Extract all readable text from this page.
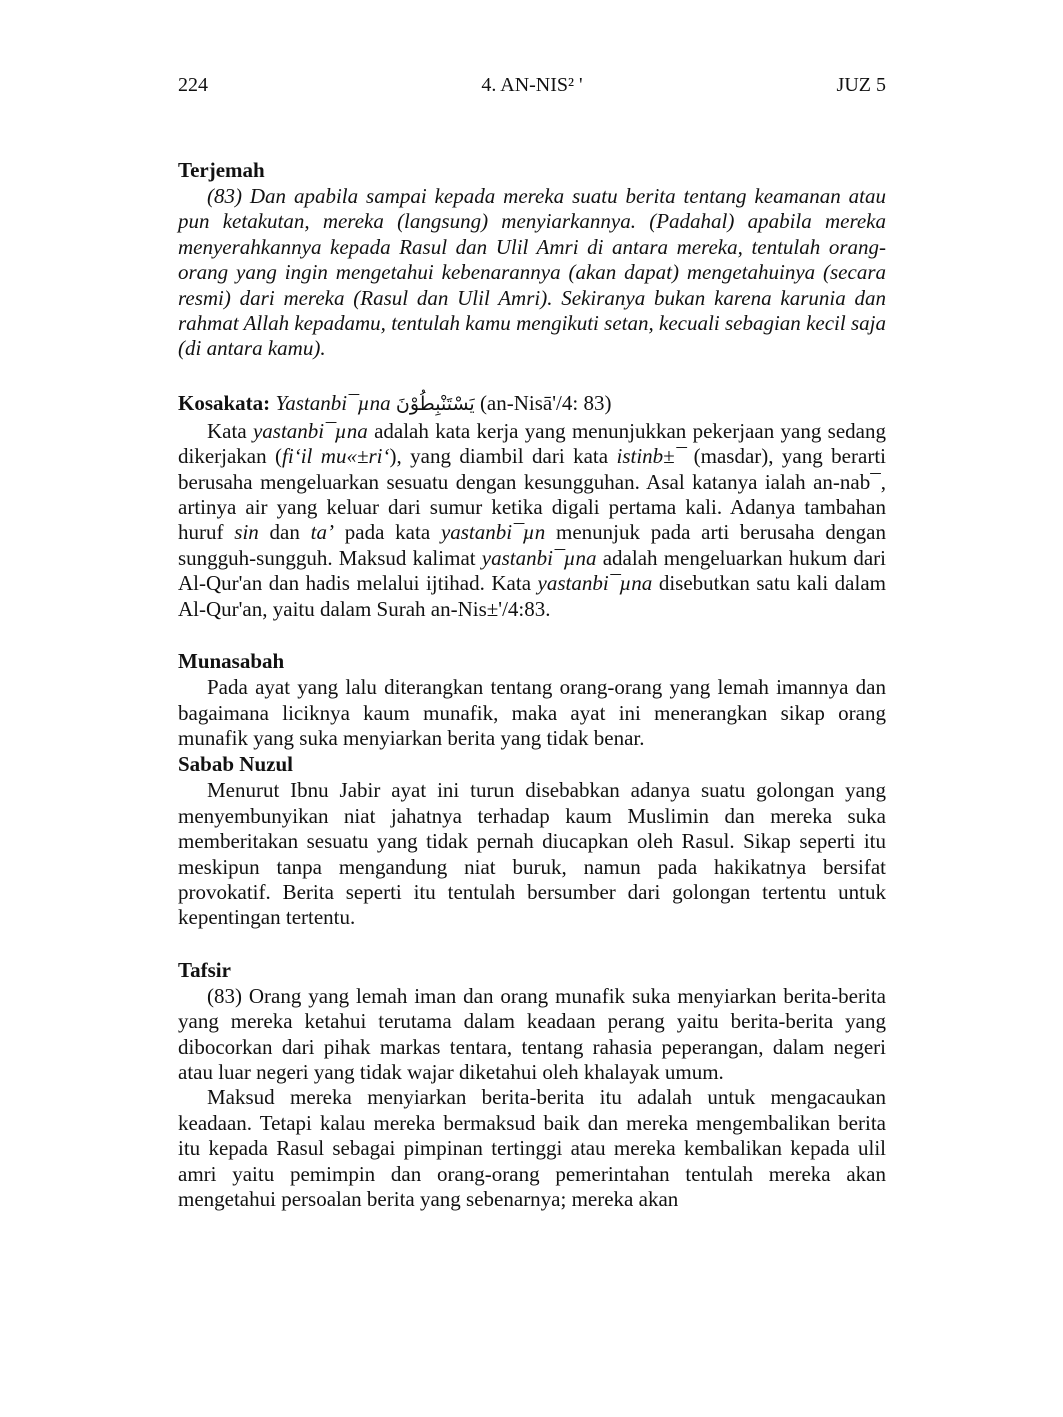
224	4. AN-NIS² '	JUZ 5
Terjemah

(83) Dan apabila sampai kepada mereka suatu berita tentang keamanan atau pun ketakutan, mereka (langsung) menyiarkannya. (Padahal) apabila mereka menyerahkannya kepada Rasul dan Ulil Amri di antara mereka, tentulah orang-orang yang ingin mengetahui kebenarannya (akan dapat) mengetahuinya (secara resmi) dari mereka (Rasul dan Ulil Amri). Sekiranya bukan karena karunia dan rahmat Allah kepadamu, tentulah kamu mengikuti setan, kecuali sebagian kecil saja (di antara kamu).

Kosakata: Yastanbi¯µna يَسْتَنْبِطُوْنَ (an-Nisā'/4: 83)

Kata yastanbi¯µna adalah kata kerja yang menunjukkan pekerjaan yang sedang dikerjakan (fi‘il mu«±ri‘), yang diambil dari kata istinb±¯ (masdar), yang berarti berusaha mengeluarkan sesuatu dengan kesungguhan. Asal katanya ialah an-nab¯, artinya air yang keluar dari sumur ketika digali pertama kali. Adanya tambahan huruf sin dan ta’ pada kata yastanbi¯µn menunjuk pada arti berusaha dengan sungguh-sungguh. Maksud kalimat yastanbi¯µna adalah mengeluarkan hukum dari Al-Qur'an dan hadis melalui ijtihad. Kata yastanbi¯µna disebutkan satu kali dalam Al-Qur'an, yaitu dalam Surah an-Nis±'/4:83.

Munasabah

Pada ayat yang lalu diterangkan tentang orang-orang yang lemah imannya dan bagaimana liciknya kaum munafik, maka ayat ini menerangkan sikap orang munafik yang suka menyiarkan berita yang tidak benar.

Sabab Nuzul

Menurut Ibnu Jabir ayat ini turun disebabkan adanya suatu golongan yang menyembunyikan niat jahatnya terhadap kaum Muslimin dan mereka suka memberitakan sesuatu yang tidak pernah diucapkan oleh Rasul. Sikap seperti itu meskipun tanpa mengandung niat buruk, namun pada hakikatnya bersifat provokatif. Berita seperti itu tentulah bersumber dari golongan tertentu untuk kepentingan tertentu.

Tafsir

(83) Orang yang lemah iman dan orang munafik suka menyiarkan berita-berita yang mereka ketahui terutama dalam keadaan perang yaitu berita-berita yang dibocorkan dari pihak markas tentara, tentang rahasia peperangan, dalam negeri atau luar negeri yang tidak wajar diketahui oleh khalayak umum.

Maksud mereka menyiarkan berita-berita itu adalah untuk mengacaukan keadaan. Tetapi kalau mereka bermaksud baik dan mereka mengembalikan berita itu kepada Rasul sebagai pimpinan tertinggi atau mereka kembalikan kepada ulil amri yaitu pemimpin dan orang-orang pemerintahan tentulah mereka akan mengetahui persoalan berita yang sebenarnya; mereka akan
